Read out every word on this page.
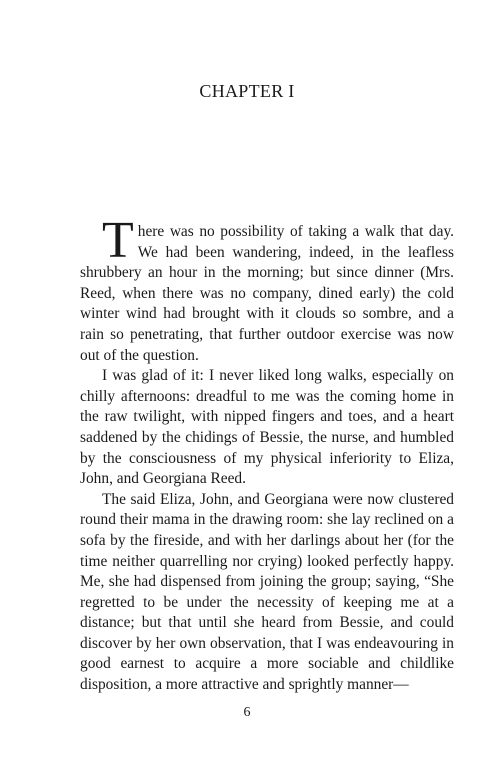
CHAPTER I

There was no possibility of taking a walk that day. We had been wandering, indeed, in the leafless shrubbery an hour in the morning; but since dinner (Mrs. Reed, when there was no company, dined early) the cold winter wind had brought with it clouds so sombre, and a rain so penetrating, that further outdoor exercise was now out of the question.

I was glad of it: I never liked long walks, especially on chilly afternoons: dreadful to me was the coming home in the raw twilight, with nipped fingers and toes, and a heart saddened by the chidings of Bessie, the nurse, and humbled by the consciousness of my physical inferiority to Eliza, John, and Georgiana Reed.

The said Eliza, John, and Georgiana were now clustered round their mama in the drawing room: she lay reclined on a sofa by the fireside, and with her darlings about her (for the time neither quarrelling nor crying) looked perfectly happy. Me, she had dispensed from joining the group; saying, “She regretted to be under the necessity of keeping me at a distance; but that until she heard from Bessie, and could discover by her own observation, that I was endeavouring in good earnest to acquire a more sociable and childlike disposition, a more attractive and sprightly manner—

6
